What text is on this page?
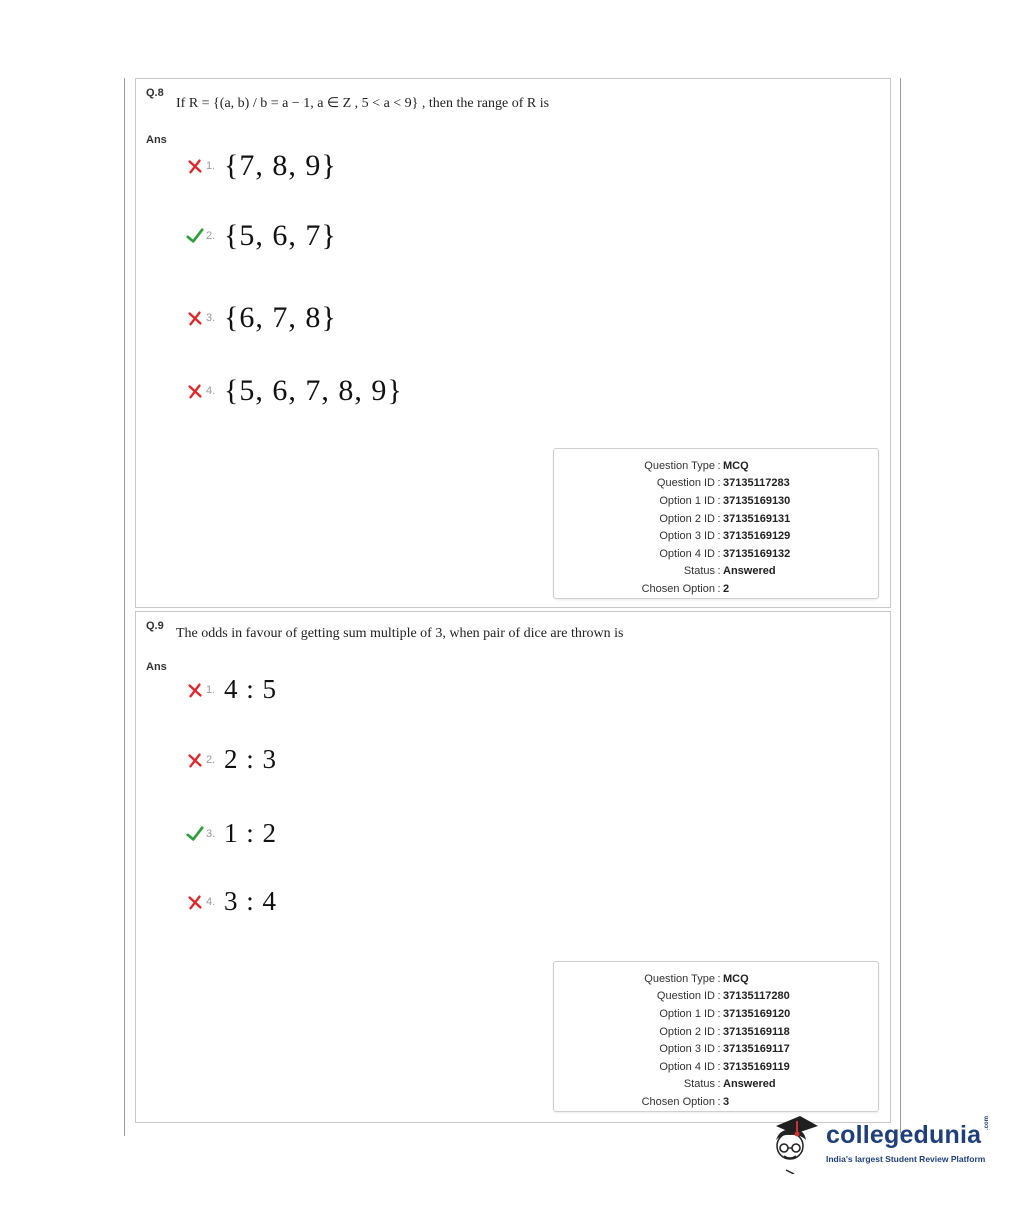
Q.8
If R = {(a, b) / b = a − 1, a ∈ Z , 5 < a < 9} , then the range of R is
Ans
1. {7, 8, 9}
2. {5, 6, 7}
3. {6, 7, 8}
4. {5, 6, 7, 8, 9}
Question Type : MCQ
Question ID : 37135117283
Option 1 ID : 37135169130
Option 2 ID : 37135169131
Option 3 ID : 37135169129
Option 4 ID : 37135169132
Status : Answered
Chosen Option : 2
Q.9 The odds in favour of getting sum multiple of 3, when pair of dice are thrown is
Ans
1. 4 : 5
2. 2 : 3
3. 1 : 2
4. 3 : 4
Question Type : MCQ
Question ID : 37135117280
Option 1 ID : 37135169120
Option 2 ID : 37135169118
Option 3 ID : 37135169117
Option 4 ID : 37135169119
Status : Answered
Chosen Option : 3
collegedunia .com
India's largest Student Review Platform
